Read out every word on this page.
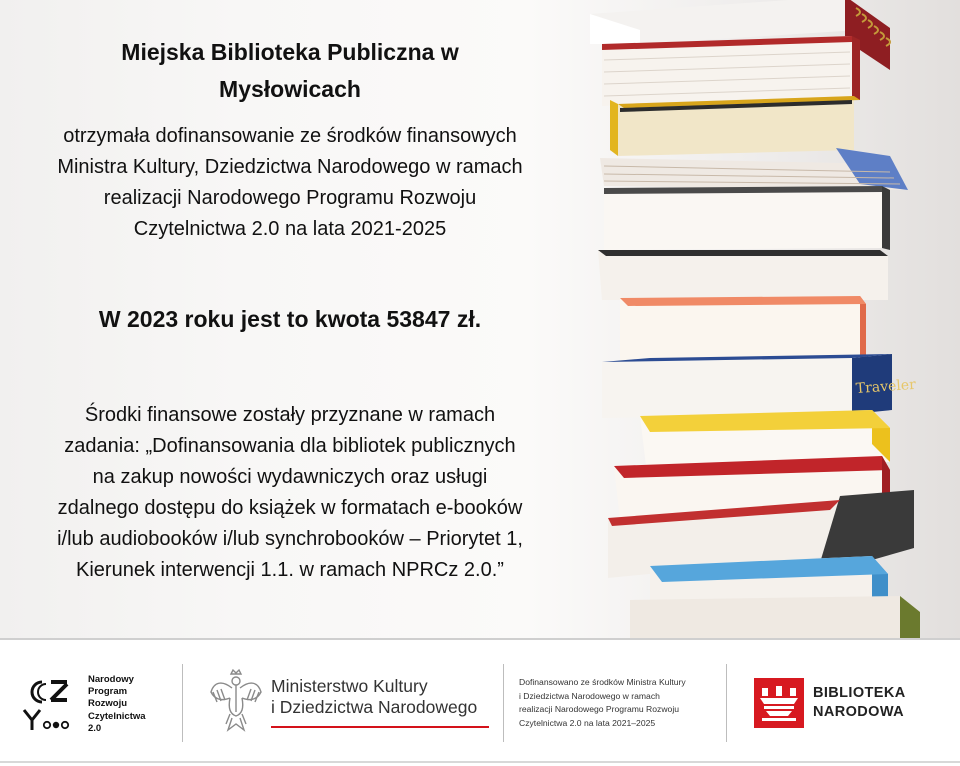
Miejska Biblioteka Publiczna w
Mysłowicach
otrzymała dofinansowanie ze środków finansowych
Ministra Kultury, Dziedzictwa Narodowego w ramach
realizacji Narodowego Programu Rozwoju
Czytelnictwa 2.0 na lata 2021-2025
W 2023 roku jest to kwota 53847 zł.
Środki finansowe zostały przyznane w ramach
zadania: „Dofinansowania dla bibliotek publicznych
na zakup nowości wydawniczych oraz usługi
zdalnego dostępu do książek w formatach e-booków
i/lub audiobooków i/lub synchrobooków – Priorytet 1,
Kierunek interwencji 1.1. w ramach NPRCz 2.0.”
Traveler
Narodowy
Program
Rozwoju
Czytelnictwa
2.0
Ministerstwo Kultury
i Dziedzictwa Narodowego
Dofinansowano ze środków Ministra Kultury
i Dziedzictwa Narodowego w ramach
realizacji Narodowego Programu Rozwoju
Czytelnictwa 2.0 na lata 2021–2025
BIBLIOTEKA
NARODOWA
